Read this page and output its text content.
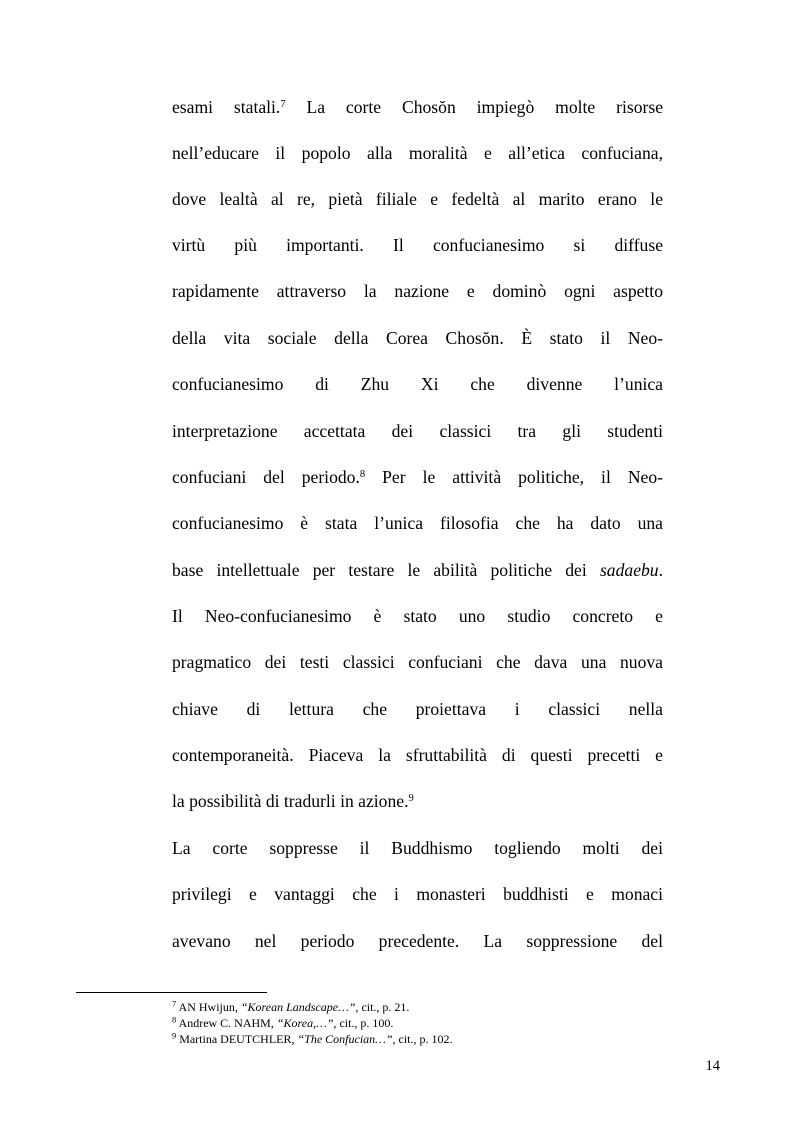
esami statali.$^7$ La corte Chosŏn impiegò molte risorse
nell’educare il popolo alla moralità e all’etica confuciana,
dove lealtà al re, pietà filiale e fedeltà al marito erano le
virtù più importanti. Il confucianesimo si diffuse
rapidamente attraverso la nazione e dominò ogni aspetto
della vita sociale della Corea Chosŏn. È stato il Neo-
confucianesimo di Zhu Xi che divenne l’unica
interpretazione accettata dei classici tra gli studenti
confuciani del periodo.$^8$ Per le attività politiche, il Neo-
confucianesimo è stata l’unica filosofia che ha dato una
base intellettuale per testare le abilità politiche dei sadaebu.
Il Neo-confucianesimo è stato uno studio concreto e
pragmatico dei testi classici confuciani che dava una nuova
chiave di lettura che proiettava i classici nella
contemporaneità. Piaceva la sfruttabilità di questi precetti e
la possibilità di tradurli in azione.$^9$
La corte soppresse il Buddhismo togliendo molti dei
privilegi e vantaggi che i monasteri buddhisti e monaci
avevano nel periodo precedente. La soppressione del
$^7$ AN Hwijun, “Korean Landscape…”, cit., p. 21.
$^8$ Andrew C. NAHM, “Korea,…”, cit., p. 100.
$^9$ Martina DEUTCHLER, “The Confucian…”, cit., p. 102.
14
